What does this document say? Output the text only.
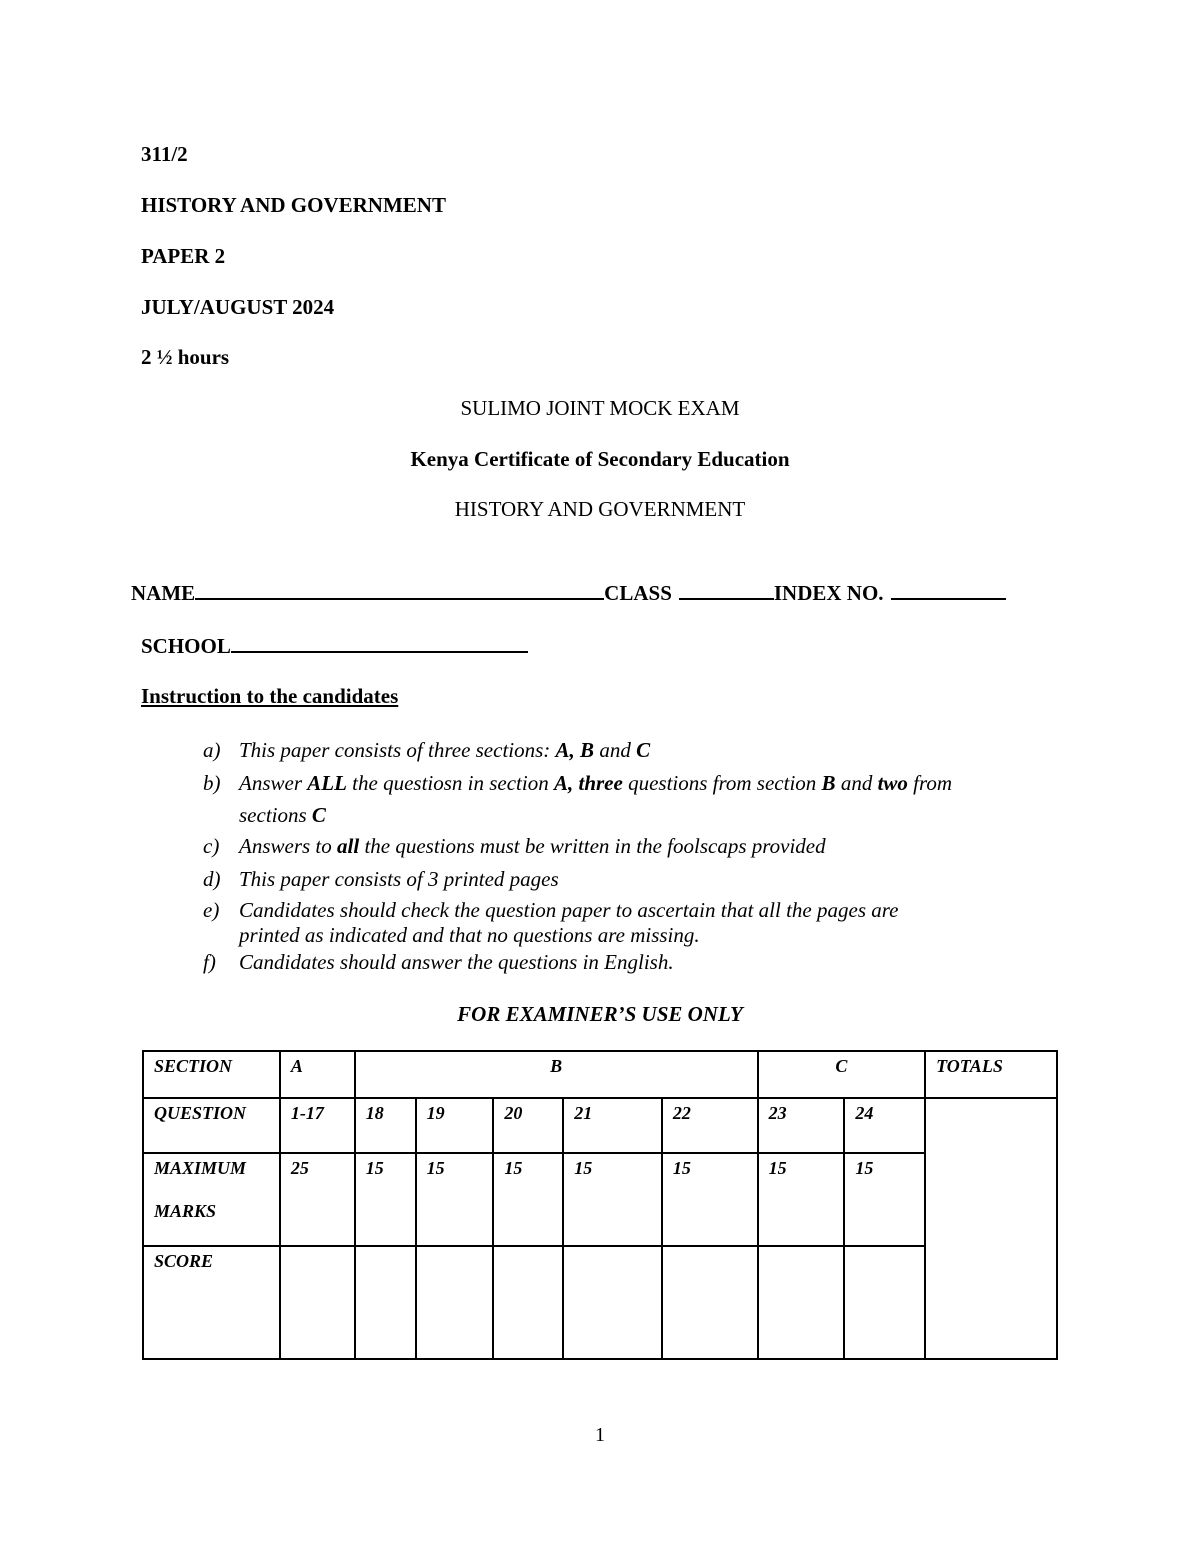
311/2
HISTORY AND GOVERNMENT
PAPER 2
JULY/AUGUST 2024
2 ½ hours
SULIMO JOINT MOCK EXAM
Kenya Certificate of Secondary Education
HISTORY AND GOVERNMENT
NAME	CLASS	INDEX NO.
SCHOOL
Instruction to the candidates
a) This paper consists of three sections: A, B and C
b) Answer ALL the questiosn in section A, three questions from section B and two from
sections C
c) Answers to all the questions must be written in the foolscaps provided
d) This paper consists of 3 printed pages
e) Candidates should check the question paper to ascertain that all the pages are
printed as indicated and that no questions are missing.
f) Candidates should answer the questions in English.
FOR EXAMINER’S USE ONLY
SECTION	A	B					C		TOTALS
QUESTION	1-17	18	19	20	21	22	23	24	

MAXIMUM
MARKS	25	15	15	15	15	15	15	15	
SCORE									
1
